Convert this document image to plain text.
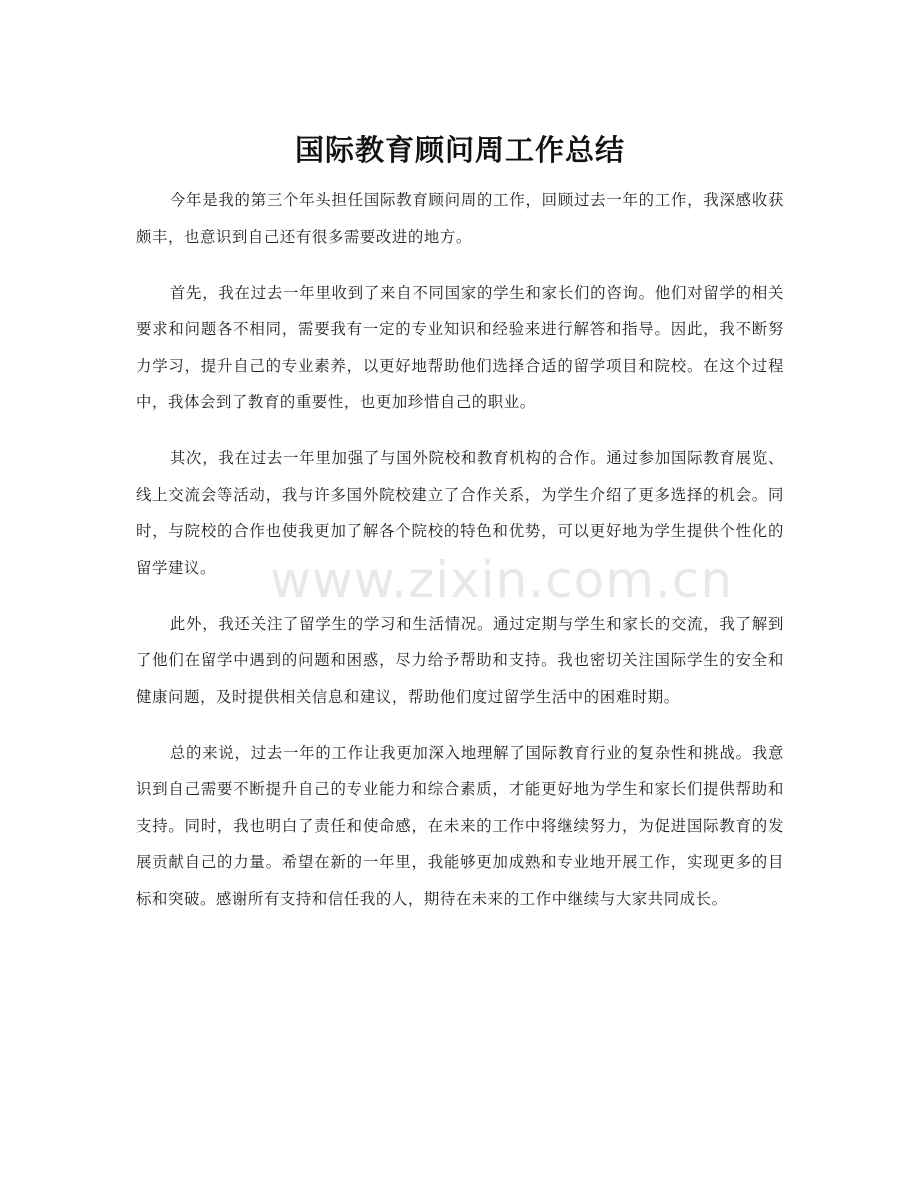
国际教育顾问周工作总结

今年是我的第三个年头担任国际教育顾问周的工作，回顾过去一年的工作，我深感收获颇丰，也意识到自己还有很多需要改进的地方。

首先，我在过去一年里收到了来自不同国家的学生和家长们的咨询。他们对留学的相关要求和问题各不相同，需要我有一定的专业知识和经验来进行解答和指导。因此，我不断努力学习，提升自己的专业素养，以更好地帮助他们选择合适的留学项目和院校。在这个过程中，我体会到了教育的重要性，也更加珍惜自己的职业。

其次，我在过去一年里加强了与国外院校和教育机构的合作。通过参加国际教育展览、线上交流会等活动，我与许多国外院校建立了合作关系，为学生介绍了更多选择的机会。同时，与院校的合作也使我更加了解各个院校的特色和优势，可以更好地为学生提供个性化的留学建议。

此外，我还关注了留学生的学习和生活情况。通过定期与学生和家长的交流，我了解到了他们在留学中遇到的问题和困惑，尽力给予帮助和支持。我也密切关注国际学生的安全和健康问题，及时提供相关信息和建议，帮助他们度过留学生活中的困难时期。

总的来说，过去一年的工作让我更加深入地理解了国际教育行业的复杂性和挑战。我意识到自己需要不断提升自己的专业能力和综合素质，才能更好地为学生和家长们提供帮助和支持。同时，我也明白了责任和使命感，在未来的工作中将继续努力，为促进国际教育的发展贡献自己的力量。希望在新的一年里，我能够更加成熟和专业地开展工作，实现更多的目标和突破。感谢所有支持和信任我的人，期待在未来的工作中继续与大家共同成长。

www.zixin.com.cn
